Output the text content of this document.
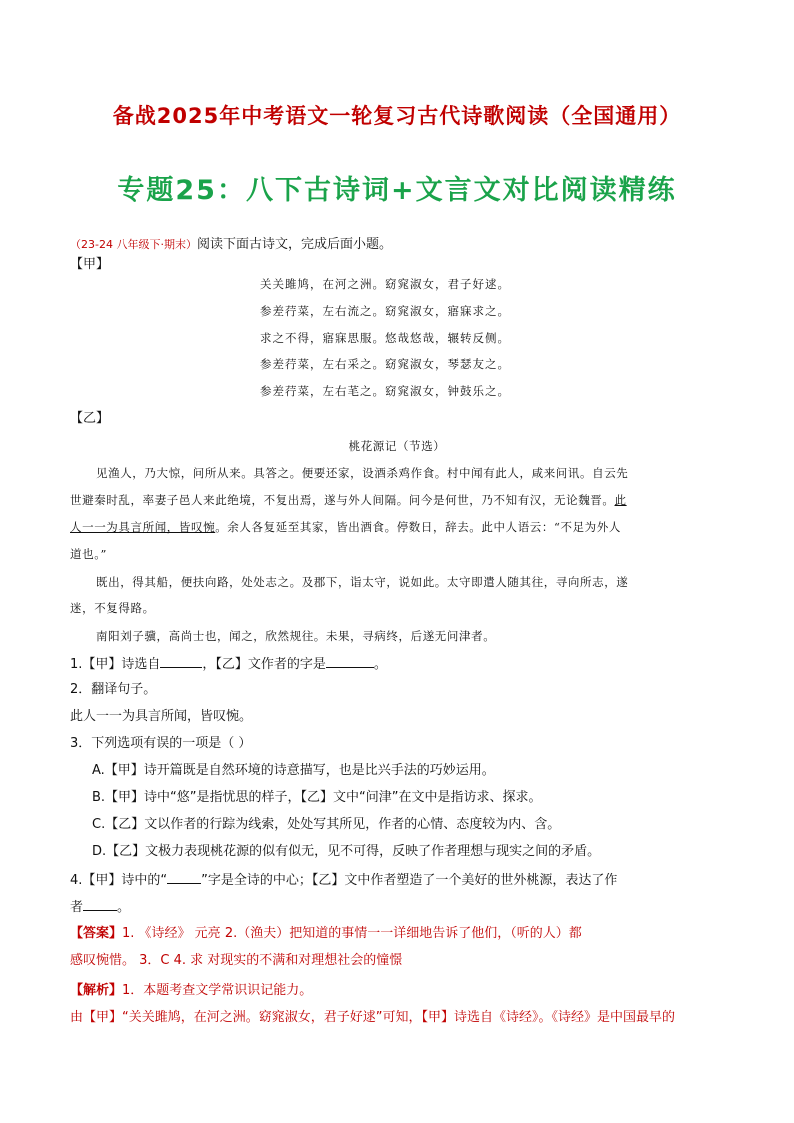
备战2025年中考语文一轮复习古代诗歌阅读（全国通用）
专题25：八下古诗词+文言文对比阅读精练
（23-24 八年级下·期末）阅读下面古诗文，完成后面小题。
【甲】
关关雎鸠，在河之洲。窈窕淑女，君子好逑。
参差荇菜，左右流之。窈窕淑女，寤寐求之。
求之不得，寤寐思服。悠哉悠哉，辗转反侧。
参差荇菜，左右采之。窈窕淑女，琴瑟友之。
参差荇菜，左右芼之。窈窕淑女，钟鼓乐之。
【乙】
桃花源记（节选）
见渔人，乃大惊，问所从来。具答之。便要还家，设酒杀鸡作食。村中闻有此人，咸来问讯。自云先
世避秦时乱，率妻子邑人来此绝境，不复出焉，遂与外人间隔。问今是何世，乃不知有汉，无论魏晋。此
人一一为具言所闻，皆叹惋。余人各复延至其家，皆出酒食。停数日，辞去。此中人语云：“不足为外人
道也。”
既出，得其船，便扶向路，处处志之。及郡下，诣太守，说如此。太守即遣人随其往，寻向所志，遂
迷，不复得路。
南阳刘子骥，高尚士也，闻之，欣然规往。未果，寻病终，后遂无问津者。
1.【甲】诗选自	，【乙】文作者的字是	。
2．翻译句子。
此人一一为具言所闻，皆叹惋。
3．下列选项有误的一项是（ ）
A.【甲】诗开篇既是自然环境的诗意描写，也是比兴手法的巧妙运用。
B.【甲】诗中“悠”是指忧思的样子，【乙】文中“问津”在文中是指访求、探求。
C.【乙】文以作者的行踪为线索，处处写其所见，作者的心情、态度较为内、含。
D.【乙】文极力表现桃花源的似有似无，见不可得，反映了作者理想与现实之间的矛盾。
4.【甲】诗中的“	”字是全诗的中心；【乙】文中作者塑造了一个美好的世外桃源，表达了作
者	。
【答案】1. 《诗经》 元亮 2.（渔夫）把知道的事情一一详细地告诉了他们，（听的人）都
感叹惋惜。 3．C 4. 求 对现实的不满和对理想社会的憧憬
【解析】1．本题考查文学常识识记能力。
由【甲】“关关雎鸠，在河之洲。窈窕淑女，君子好逑”可知，【甲】诗选自《诗经》。《诗经》是中国最早的
